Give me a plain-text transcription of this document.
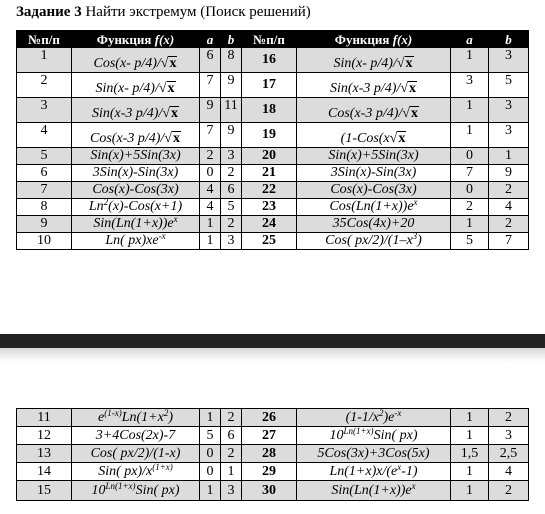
Задание 3 Найти экстремум (Поиск решений)
№п/п	Функция f(x)	a	b	№п/п	Функция f(x)	a	b
1	Cos(x- p/4)/√x	6	8	16	Sin(x- p/4)/√x	1	3
2	Sin(x- p/4)/√x	7	9	17	Sin(x-3 p/4)/√x	3	5
3	Sin(x-3 p/4)/√x	9	11	18	Cos(x-3 p/4)/√x	1	3
4	Cos(x-3 p/4)/√x	7	9	19	(1-Cos(x√x	1	3
5	Sin(x)+5Sin(3x)	2	3	20	Sin(x)+5Sin(3x)	0	1
6	3Sin(x)-Sin(3x)	0	2	21	3Sin(x)-Sin(3x)	7	9
7	Cos(x)-Cos(3x)	4	6	22	Cos(x)-Cos(3x)	0	2
8	$Ln^2(x)-Cos(x+1)$	4	5	23	$Cos(Ln(1+x))e^x$	2	4
9	$Sin(Ln(1+x))e^x$	1	2	24	35Cos(4x)+20	1	2
10	Ln( $px)xe^{-x}$	1	3	25	Cos( $px/2)/(1-x^3)$	5	7
11	$e^{(1-x)}Ln(1+x^2)$	1	2	26	$(1-1/x^2)e^{-x}$	1	2
12	3+4Cos(2x)-7	5	6	27	$10^{Ln(1+x)}Sin$( px)	1	3
13	Cos( px/2)/(1-x)	0	2	28	5Cos(3x)+3Cos(5x)	1,5	2,5
14	Sin( $px)/x^{(1+x)}$	0	1	29	$Ln(1+x)x/(e^x-1)$	1	4
15	$10^{Ln(1+x)}Sin$( px)	1	3	30	$Sin(Ln(1+x))e^x$	1	2
